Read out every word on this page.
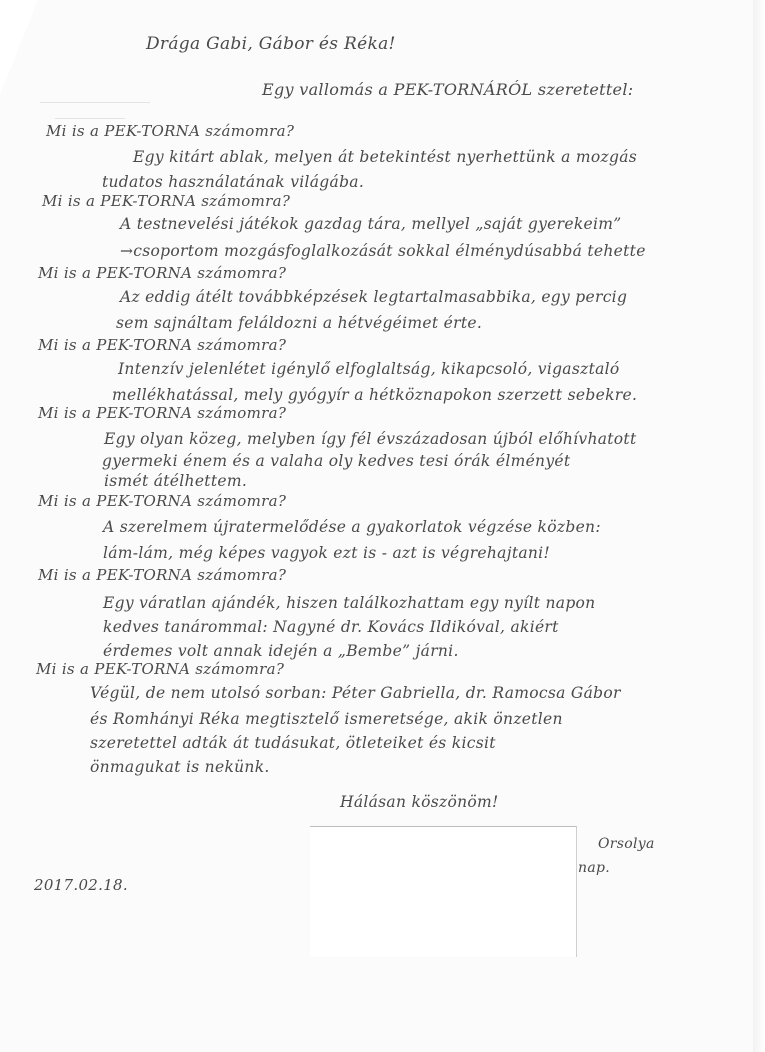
Drága Gabi, Gábor és Réka!
Egy vallomás a PEK-TORNÁRÓL szeretettel:
Mi is a PEK-TORNA számomra?
Egy kitárt ablak, melyen át betekintést nyerhettünk a mozgás
tudatos használatának világába.
Mi is a PEK-TORNA számomra?
A testnevelési játékok gazdag tára, mellyel „saját gyerekeim”
→csoportom mozgásfoglalkozását sokkal élménydúsabbá tehette
Mi is a PEK-TORNA számomra?
Az eddig átélt továbbképzések legtartalmasabbika, egy percig
sem sajnáltam feláldozni a hétvégéimet érte.
Mi is a PEK-TORNA számomra?
Intenzív jelenlétet igénylő elfoglaltság, kikapcsoló, vigasztaló
mellékhatással, mely gyógyír a hétköznapokon szerzett sebekre.
Mi is a PEK-TORNA számomra?
Egy olyan közeg, melyben így fél évszázadosan újból előhívhatott
gyermeki énem és a valaha oly kedves tesi órák élményét
ismét átélhettem.
Mi is a PEK-TORNA számomra?
A szerelmem újratermelődése a gyakorlatok végzése közben:
lám-lám, még képes vagyok ezt is - azt is végrehajtani!
Mi is a PEK-TORNA számomra?
Egy váratlan ajándék, hiszen találkozhattam egy nyílt napon
kedves tanárommal: Nagyné dr. Kovács Ildikóval, akiért
érdemes volt annak idején a „Bembe” járni.
Mi is a PEK-TORNA számomra?
Végül, de nem utolsó sorban: Péter Gabriella, dr. Ramocsa Gábor
és Romhányi Réka megtisztelő ismeretsége, akik önzetlen
szeretettel adták át tudásukat, ötleteiket és kicsit
önmagukat is nekünk.
Hálásan köszönöm!
Orsolya
nap.
2017.02.18.
